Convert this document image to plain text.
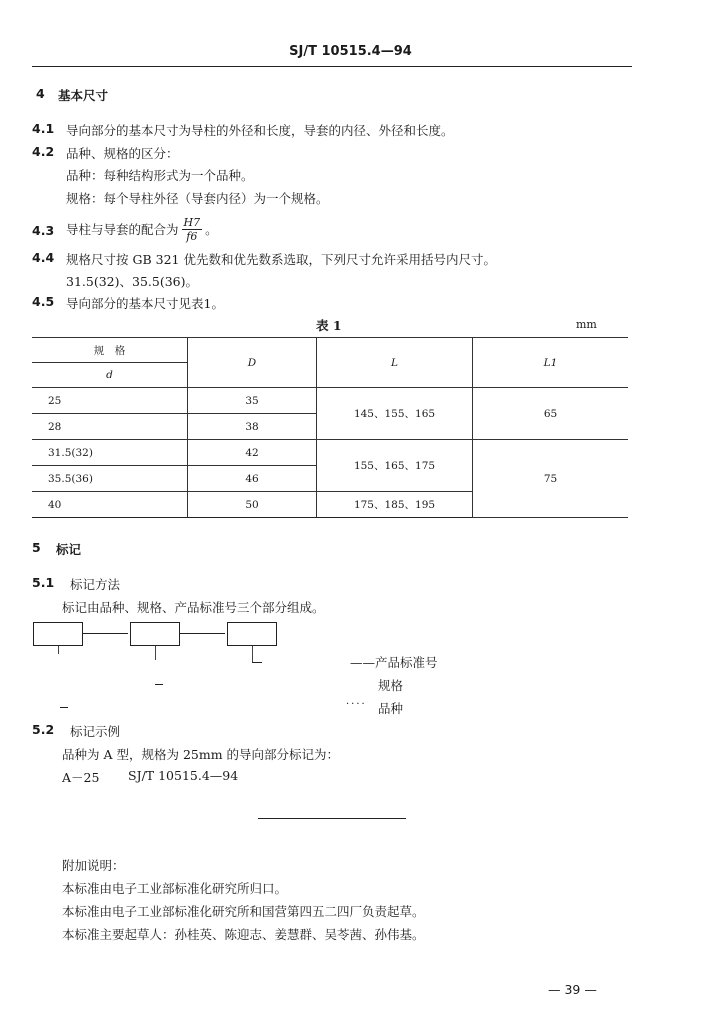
SJ/T 10515.4—94
4 基本尺寸
4.1 导向部分的基本尺寸为导柱的外径和长度，导套的内径、外径和长度。
4.2 品种、规格的区分：
品种：每种结构形式为一个品种。
规格：每个导柱外径（导套内径）为一个规格。
4.3 导柱与导套的配合为 $\frac{H7}{f6}$ 。
4.4 规格尺寸按 GB 321 优先数和优先数系选取，下列尺寸允许采用括号内尺寸。
31.5(32)、35.5(36)。
4.5 导向部分的基本尺寸见表1。
表 1	mm
规　格	D	L	L1
d			
25	35	145、155、165	65
28	38		
31.5(32)	42	155、165、175	75
35.5(36)	46		
40	50	175、185、195	
5 标记
5.1 标记方法
标记由品种、规格、产品标准号三个部分组成。
——产品标准号
规格
···· 品种
5.2 标记示例
品种为 A 型，规格为 25mm 的导向部分标记为：
A－25 SJ/T 10515.4—94
附加说明：
本标准由电子工业部标准化研究所归口。
本标准由电子工业部标准化研究所和国营第四五二四厂负责起草。
本标准主要起草人：孙桂英、陈迎志、姜慧群、吴苓茜、孙伟基。
— 39 —
